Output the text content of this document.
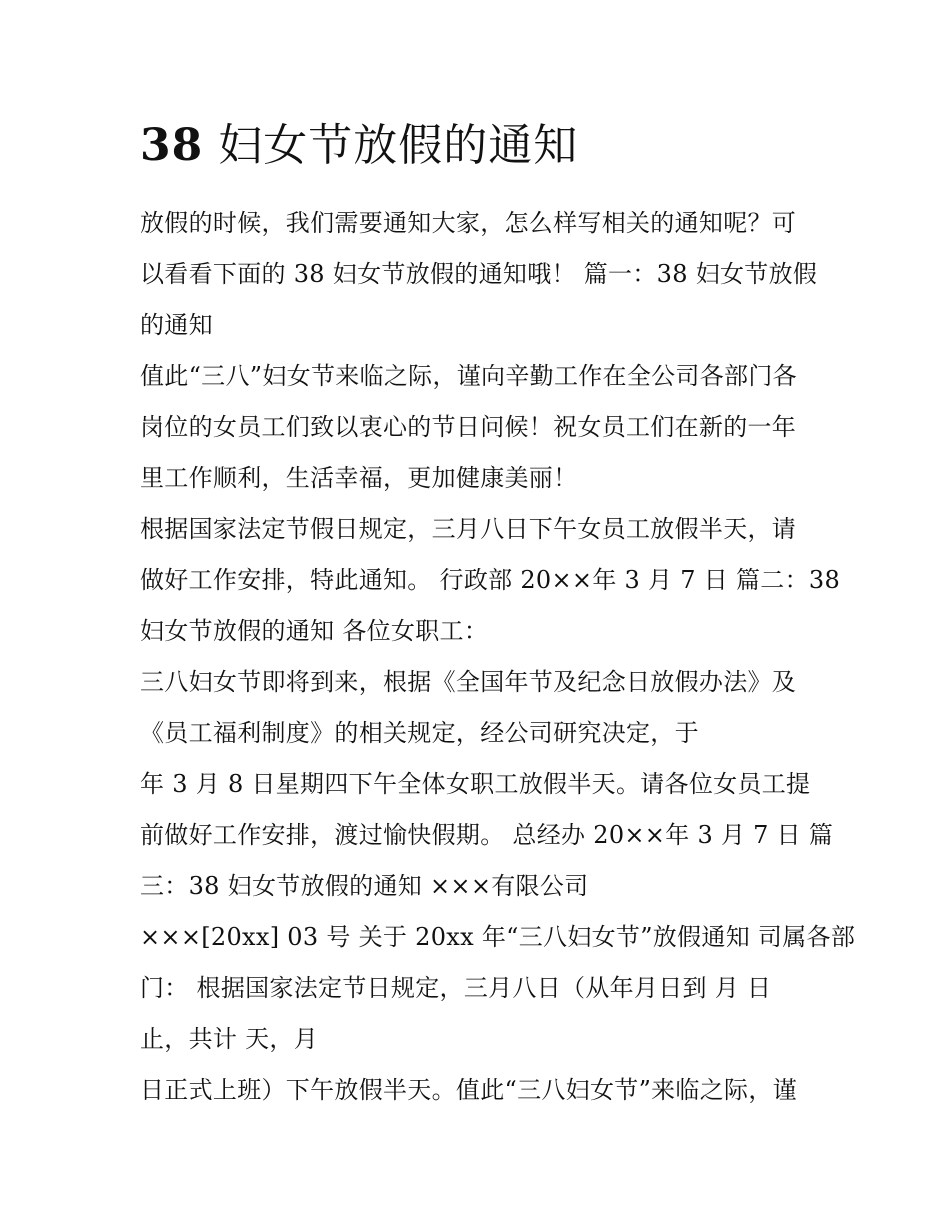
38 妇女节放假的通知
放假的时候，我们需要通知大家，怎么样写相关的通知呢？可
以看看下面的 38 妇女节放假的通知哦！ 篇一：38 妇女节放假
的通知
值此“三八”妇女节来临之际，谨向辛勤工作在全公司各部门各
岗位的女员工们致以衷心的节日问候！祝女员工们在新的一年
里工作顺利，生活幸福，更加健康美丽！
根据国家法定节假日规定，三月八日下午女员工放假半天，请
做好工作安排，特此通知。 行政部 20××年 3 月 7 日 篇二：38
妇女节放假的通知 各位女职工：
三八妇女节即将到来，根据《全国年节及纪念日放假办法》及
《员工福利制度》的相关规定，经公司研究决定，于
年 3 月 8 日星期四下午全体女职工放假半天。请各位女员工提
前做好工作安排，渡过愉快假期。 总经办 20××年 3 月 7 日 篇
三：38 妇女节放假的通知 ×××有限公司
×××[20xx] 03 号 关于 20xx 年“三八妇女节”放假通知 司属各部
门： 根据国家法定节日规定，三月八日（从年月日到 月 日
止，共计 天，月
日正式上班）下午放假半天。值此“三八妇女节”来临之际，谨
